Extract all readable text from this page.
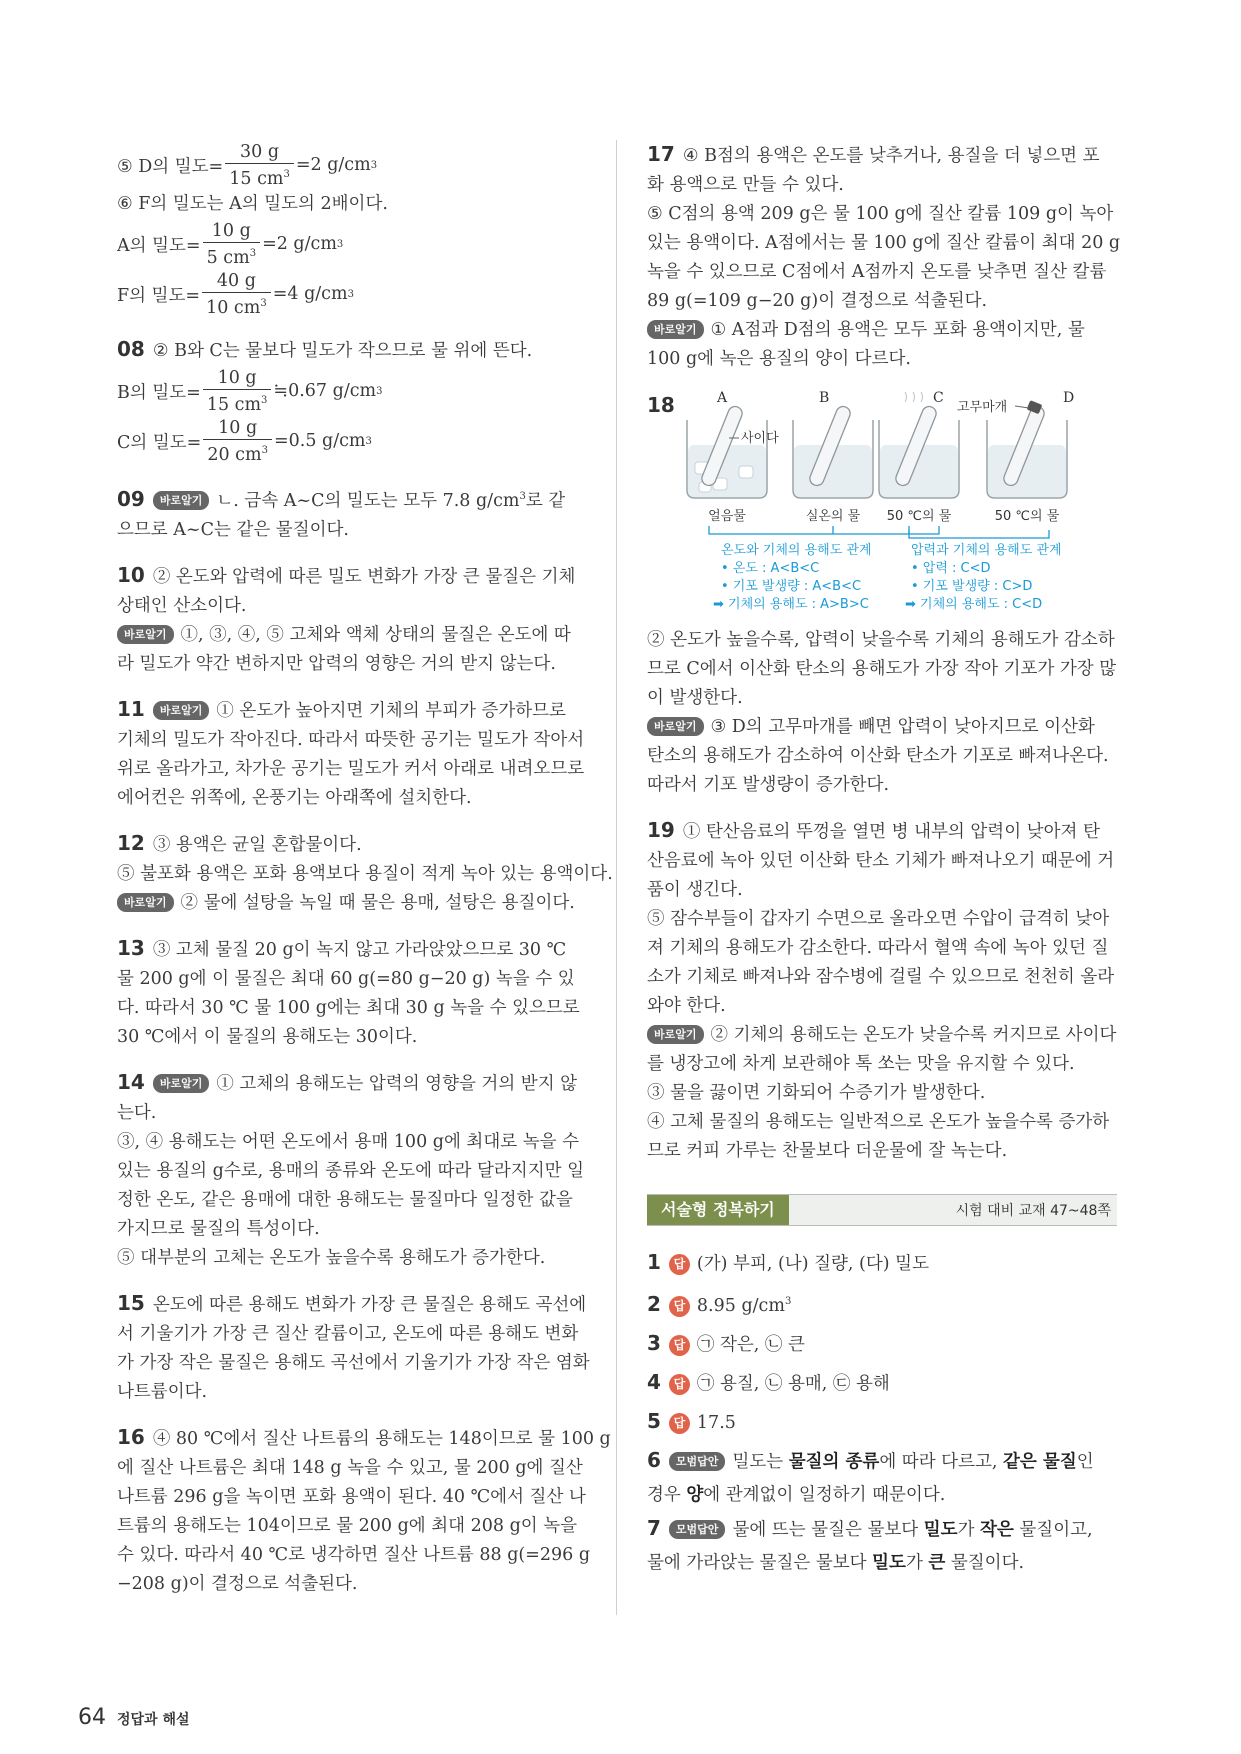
⑤ D의 밀도= $\frac{30 g}{15 cm^3} =2$ g/cm 3
⑥ F의 밀도는 A의 밀도의 2배이다.
A의 밀도= $\frac{10 g}{5 cm^3} =2$ g/cm 3
F의 밀도= $\frac{40 g}{10 cm^3} =4$ g/cm 3
08 ② B와 C는 물보다 밀도가 작으므로 물 위에 뜬다.
B의 밀도= $\frac{10 g}{15 cm^3}$ ≒0.67 g/cm 3
C의 밀도= $\frac{10 g}{20 cm^3} =0.5$ g/cm 3
09 바로알기 ㄴ. 금속 A~C의 밀도는 모두 7.8 $g/cm^3$로 같
으므로 A~C는 같은 물질이다.
10 ② 온도와 압력에 따른 밀도 변화가 가장 큰 물질은 기체
상태인 산소이다.
바로알기 ①, ③, ④, ⑤ 고체와 액체 상태의 물질은 온도에 따
라 밀도가 약간 변하지만 압력의 영향은 거의 받지 않는다.
11 바로알기 ① 온도가 높아지면 기체의 부피가 증가하므로
기체의 밀도가 작아진다. 따라서 따뜻한 공기는 밀도가 작아서
위로 올라가고, 차가운 공기는 밀도가 커서 아래로 내려오므로
에어컨은 위쪽에, 온풍기는 아래쪽에 설치한다.
12 ③ 용액은 균일 혼합물이다.
⑤ 불포화 용액은 포화 용액보다 용질이 적게 녹아 있는 용액이다.
바로알기 ② 물에 설탕을 녹일 때 물은 용매, 설탕은 용질이다.
13 ③ 고체 물질 20 g이 녹지 않고 가라앉았으므로 30 ℃
물 200 g에 이 물질은 최대 60 g(=80 g−20 g) 녹을 수 있
다. 따라서 30 ℃ 물 100 g에는 최대 30 g 녹을 수 있으므로
30 ℃에서 이 물질의 용해도는 30이다.
14 바로알기 ① 고체의 용해도는 압력의 영향을 거의 받지 않
는다.
③, ④ 용해도는 어떤 온도에서 용매 100 g에 최대로 녹을 수
있는 용질의 g수로, 용매의 종류와 온도에 따라 달라지지만 일
정한 온도, 같은 용매에 대한 용해도는 물질마다 일정한 값을
가지므로 물질의 특성이다.
⑤ 대부분의 고체는 온도가 높을수록 용해도가 증가한다.
15 온도에 따른 용해도 변화가 가장 큰 물질은 용해도 곡선에
서 기울기가 가장 큰 질산 칼륨이고, 온도에 따른 용해도 변화
가 가장 작은 물질은 용해도 곡선에서 기울기가 가장 작은 염화
나트륨이다.
16 ④ 80 ℃에서 질산 나트륨의 용해도는 148이므로 물 100 g
에 질산 나트륨은 최대 148 g 녹을 수 있고, 물 200 g에 질산
나트륨 296 g을 녹이면 포화 용액이 된다. 40 ℃에서 질산 나
트륨의 용해도는 104이므로 물 200 g에 최대 208 g이 녹을
수 있다. 따라서 40 ℃로 냉각하면 질산 나트륨 88 g(=296 g
−208 g)이 결정으로 석출된다.
17 ④ B점의 용액은 온도를 낮추거나, 용질을 더 넣으면 포
화 용액으로 만들 수 있다.
⑤ C점의 용액 209 g은 물 100 g에 질산 칼륨 109 g이 녹아
있는 용액이다. A점에서는 물 100 g에 질산 칼륨이 최대 20 g
녹을 수 있으므로 C점에서 A점까지 온도를 낮추면 질산 칼륨
89 g(=109 g−20 g)이 결정으로 석출된다.
바로알기 ① A점과 D점의 용액은 모두 포화 용액이지만, 물
100 g에 녹은 용질의 양이 다르다.
18	A	B	C	D
고무마개
사이다
얼음물	실온의 물 50 ℃의 물	50 ℃의 물
온도와 기체의 용해도 관계
• 온도 : A<B<C
• 기포 발생량 : A<B<C
➡ 기체의 용해도 : A>B>C
압력과 기체의 용해도 관계
• 압력 : C<D
• 기포 발생량 : C>D
➡ 기체의 용해도 : C<D
② 온도가 높을수록, 압력이 낮을수록 기체의 용해도가 감소하
므로 C에서 이산화 탄소의 용해도가 가장 작아 기포가 가장 많
이 발생한다.
바로알기 ③ D의 고무마개를 빼면 압력이 낮아지므로 이산화
탄소의 용해도가 감소하여 이산화 탄소가 기포로 빠져나온다.
따라서 기포 발생량이 증가한다.
19 ① 탄산음료의 뚜껑을 열면 병 내부의 압력이 낮아져 탄
산음료에 녹아 있던 이산화 탄소 기체가 빠져나오기 때문에 거
품이 생긴다.
⑤ 잠수부들이 갑자기 수면으로 올라오면 수압이 급격히 낮아
져 기체의 용해도가 감소한다. 따라서 혈액 속에 녹아 있던 질
소가 기체로 빠져나와 잠수병에 걸릴 수 있으므로 천천히 올라
와야 한다.
바로알기 ② 기체의 용해도는 온도가 낮을수록 커지므로 사이다
를 냉장고에 차게 보관해야 톡 쏘는 맛을 유지할 수 있다.
③ 물을 끓이면 기화되어 수증기가 발생한다.
④ 고체 물질의 용해도는 일반적으로 온도가 높을수록 증가하
므로 커피 가루는 찬물보다 더운물에 잘 녹는다.
서술형 정복하기	시험 대비 교재 47~48쪽
1 답 (가) 부피, (나) 질량, (다) 밀도
2 답 8.95 $g/cm^3$
3 답 ㉠ 작은, ㉡ 큰
4 답 ㉠ 용질, ㉡ 용매, ㉢ 용해
5 답 17.5
6 모범답안 밀도는 물질의 종류에 따라 다르고, 같은 물질인
경우 양에 관계없이 일정하기 때문이다.
7 모범답안 물에 뜨는 물질은 물보다 밀도가 작은 물질이고,
물에 가라앉는 물질은 물보다 밀도가 큰 물질이다.
64 정답과 해설
